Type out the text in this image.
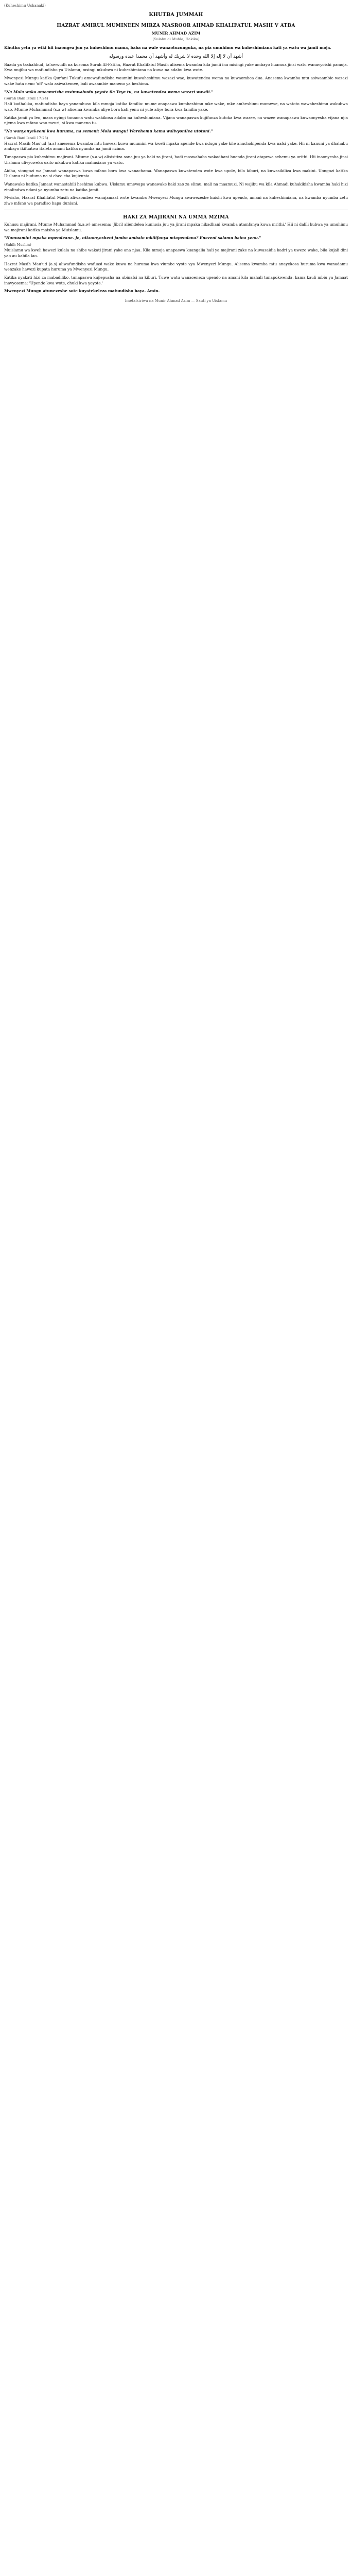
(Kuheshimu Ushanaki)
KHUTBA JUMMAH
HAZRAT AMIRUL MUMINEEN MIRZA MASROOR AHMAD KHALIFATUL MASIH V ATBA
MUNIR AHMAD AZIM
(Sulahu di Muhla, Hakika)

Khutba yetu ya wiki hii inaongea juu ya kuheshimu mama, baba na wale wanaotuzunguka, na pia umuhimu wa kuheshimiana kati ya watu wa jamii moja.

أشهد أن لا إله إلا الله وحده لا شريك له وأشهد أن محمدا عبده ورسوله

Baada ya tashahhud, ta'awwudh na kusoma Surah Al-Fatiha, Hazrat Khalifatul Masih alisema kwamba kila jamii ina misingi yake ambayo huamua jinsi watu wanavyoishi pamoja. Kwa mujibu wa mafundisho ya Uislamu, msingi mkubwa ni kuheshimiana na kuwa na adabu kwa wote.

Mwenyezi Mungu katika Qur'ani Tukufu amewafundisha waumini kuwaheshimu wazazi wao, kuwatendea wema na kuwaombea dua. Anasema kwamba mtu asiwaambie wazazi wake hata neno 'uff' wala asiwakemee, bali awaambie maneno ya heshima.

"Na Mola wako ameamrisha msimwabudu yeyote ila Yeye tu, na kuwatendea wema wazazi wawili."
(Surah Bani Israil 17:24)

Hali kadhalika, mafundisho haya yanamhusu kila mmoja katika familia: mume anapaswa kumheshimu mke wake, mke amheshimu mumewe, na watoto wawaheshimu wakubwa wao. Mtume Muhammad (s.a.w) alisema kwamba aliye bora kati yenu ni yule aliye bora kwa familia yake.

Katika jamii ya leo, mara nyingi tunaona watu wakikosa adabu na kuheshimiana. Vijana wanapaswa kujifunza kutoka kwa wazee, na wazee wanapaswa kuwaonyesha vijana njia njema kwa mfano wao mzuri, si kwa maneno tu.

"Na wanyenyekeeni kwa huruma, na semeni: Mola wangu! Warehemu kama walivyonilea utotoni."
(Surah Bani Israil 17:25)

Hazrat Masih Mau'ud (a.s) amesema kwamba mtu hawezi kuwa muumini wa kweli mpaka apende kwa ndugu yake kile anachokipenda kwa nafsi yake. Hii ni kanuni ya dhahabu ambayo ikifuatwa italeta amani katika nyumba na jamii nzima.

Tunapaswa pia kuheshimu majirani. Mtume (s.a.w) alisisitiza sana juu ya haki za jirani, hadi maswahaba wakadhani huenda jirani atapewa sehemu ya urithi. Hii inaonyesha jinsi Uislamu ulivyoweka uzito mkubwa katika mahusiano ya watu.

Aidha, viongozi wa Jamaat wanapaswa kuwa mfano bora kwa wanachama. Wanapaswa kuwatendea wote kwa upole, bila kiburi, na kuwasikiliza kwa makini. Uongozi katika Uislamu ni huduma na si cheo cha kujivunia.

Wanawake katika Jamaat wanastahili heshima kubwa. Uislamu umewapa wanawake haki zao za elimu, mali na maamuzi. Ni wajibu wa kila Ahmadi kuhakikisha kwamba haki hizi zinalindwa ndani ya nyumba zetu na katika jamii.

Mwisho, Hazrat Khalifatul Masih aliwaombea wanajamaat wote kwamba Mwenyezi Mungu awawezeshe kuishi kwa upendo, amani na kuheshimiana, na kwamba nyumba zetu ziwe mfano wa paradiso hapa duniani.

HAKI ZA MAJIRANI NA UMMA MZIMA

Kuhusu majirani, Mtume Muhammad (s.a.w) amesema: 'Jibril aliendelea kuniusia juu ya jirani mpaka nikadhani kwamba atamfanya kuwa mrithi.' Hii ni dalili kubwa ya umuhimu wa majirani katika maisha ya Muislamu.

"Hamuamini mpaka mpendeane. Je, nikuonyesheni jambo ambalo mkilifanya mtapendana? Enezeni salamu baina yenu."
(Sahih Muslim)

Muislamu wa kweli hawezi kulala na shibe wakati jirani yake ana njaa. Kila mmoja anapaswa kuangalia hali ya majirani zake na kuwasaidia kadri ya uwezo wake, bila kujali dini yao au kabila lao.

Hazrat Masih Mau'ud (a.s) aliwafundisha wafuasi wake kuwa na huruma kwa viumbe vyote vya Mwenyezi Mungu. Alisema kwamba mtu anayekosa huruma kwa wanadamu wenzake hawezi kupata huruma ya Mwenyezi Mungu.

Katika nyakati hizi za mabadiliko, tunapaswa kujiepusha na ubinafsi na kiburi. Tuwe watu wanaoeneza upendo na amani kila mahali tunapokwenda, kama kauli mbiu ya Jamaat inavyosema: 'Upendo kwa wote, chuki kwa yeyote.'

Mwenyezi Mungu atuwezeshe sote kuyatekeleza mafundisho haya. Amin.

Imetafsiriwa na Munir Ahmad Azim — Sauti ya Uislamu
